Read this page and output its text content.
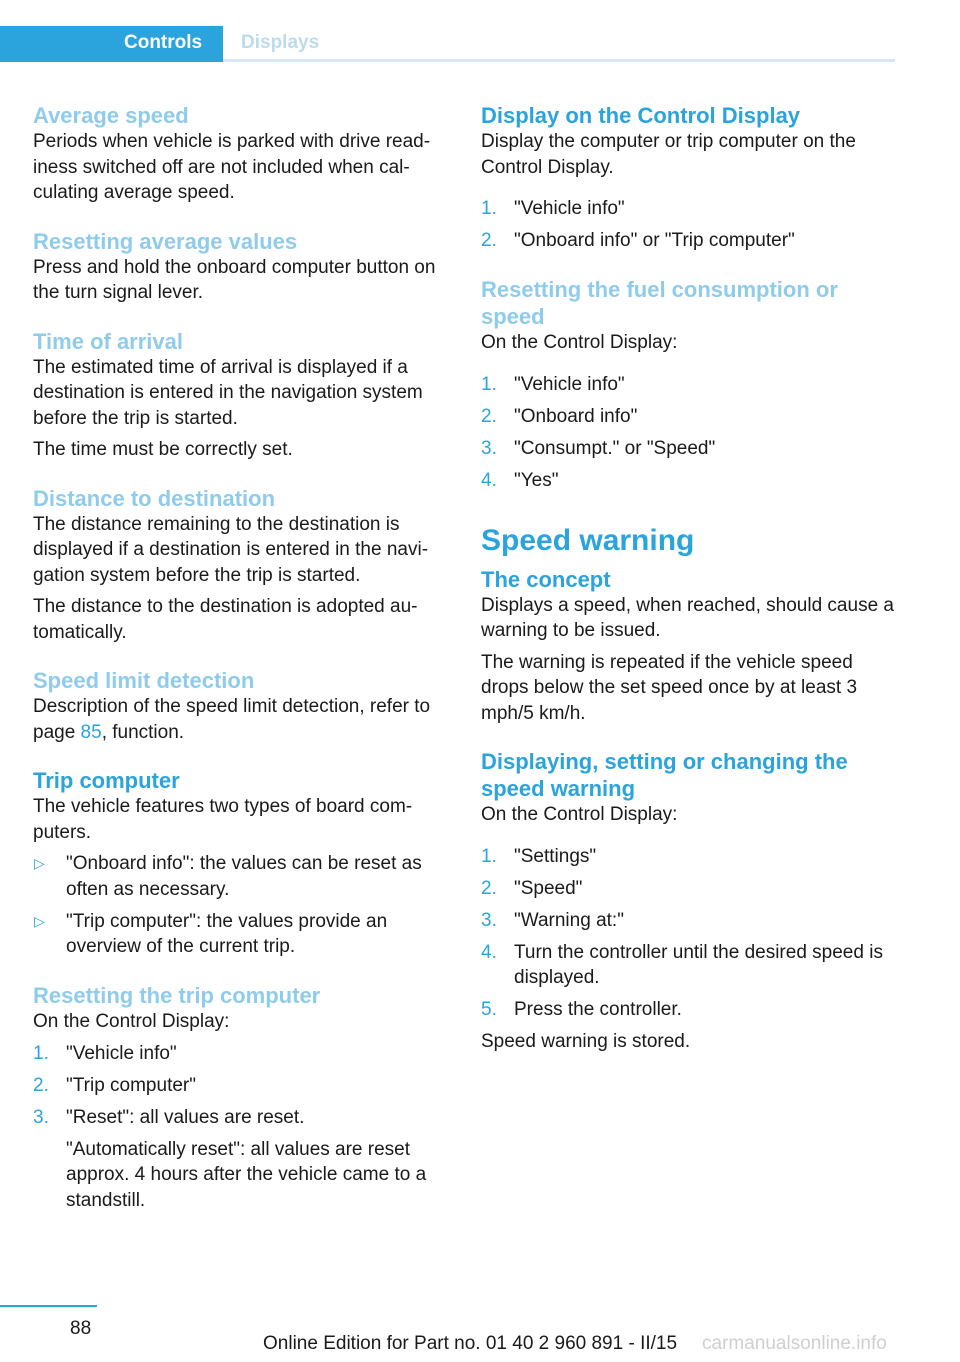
Controls	Displays
Average speed

Periods when vehicle is parked with drive read-iness switched off are not included when cal-culating average speed.

Resetting average values

Press and hold the onboard computer button on the turn signal lever.

Time of arrival

The estimated time of arrival is displayed if a destination is entered in the navigation system before the trip is started.

The time must be correctly set.

Distance to destination

The distance remaining to the destination is displayed if a destination is entered in the navi-gation system before the trip is started.

The distance to the destination is adopted au-tomatically.

Speed limit detection

Description of the speed limit detection, refer to page 85, function.

Trip computer

The vehicle features two types of board com-puters.

▷ "Onboard info": the values can be reset as often as necessary.
▷ "Trip computer": the values provide an overview of the current trip.
Resetting the trip computer

On the Control Display:

1. "Vehicle info"
2. "Trip computer"
3. "Reset": all values are reset.

"Automatically reset": all values are reset approx. 4 hours after the vehicle came to a standstill.
Display on the Control Display

Display the computer or trip computer on the Control Display.

1. "Vehicle info"
2. "Onboard info" or "Trip computer"
Resetting the fuel consumption or speed

On the Control Display:

1. "Vehicle info"
2. "Onboard info"
3. "Consumpt." or "Speed"
4. "Yes"
Speed warning
The concept

Displays a speed, when reached, should cause a warning to be issued.

The warning is repeated if the vehicle speed drops below the set speed once by at least 3 mph/5 km/h.

Displaying, setting or changing the speed warning

On the Control Display:

1. "Settings"
2. "Speed"
3. "Warning at:"
4. Turn the controller until the desired speed is displayed.
5. Press the controller.

Speed warning is stored.

88
Online Edition for Part no. 01 40 2 960 891 - II/15 carmanualsonline.info
